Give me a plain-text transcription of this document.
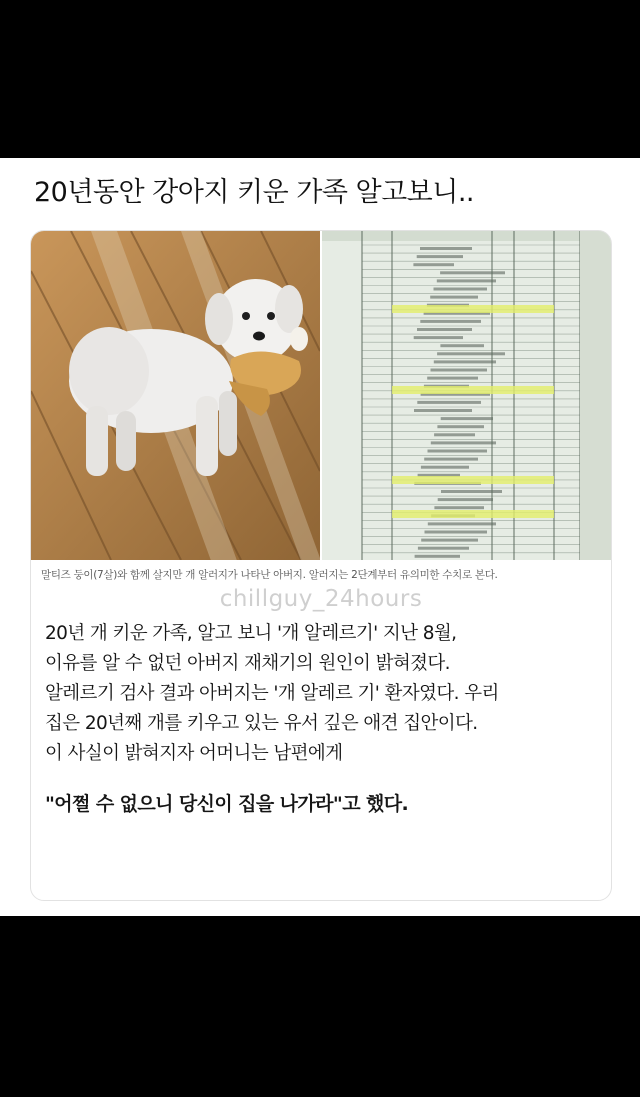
20년동안 강아지 키운 가족 알고보니..
말티즈 둥이(7살)와 함께 살지만 개 알러지가 나타난 아버지. 알러지는 2단계부터 유의미한 수치로 본다.
chillguy_24hours

20년 개 키운 가족, 알고 보니 '개 알레르기' 지난 8월,

이유를 알 수 없던 아버지 재채기의 원인이 밝혀졌다.

알레르기 검사 결과 아버지는 '개 알레르 기' 환자였다. 우리

집은 20년째 개를 키우고 있는 유서 깊은 애견 집안이다.

이 사실이 밝혀지자 어머니는 남편에게

"어쩔 수 없으니 당신이 집을 나가라"고 했다.
